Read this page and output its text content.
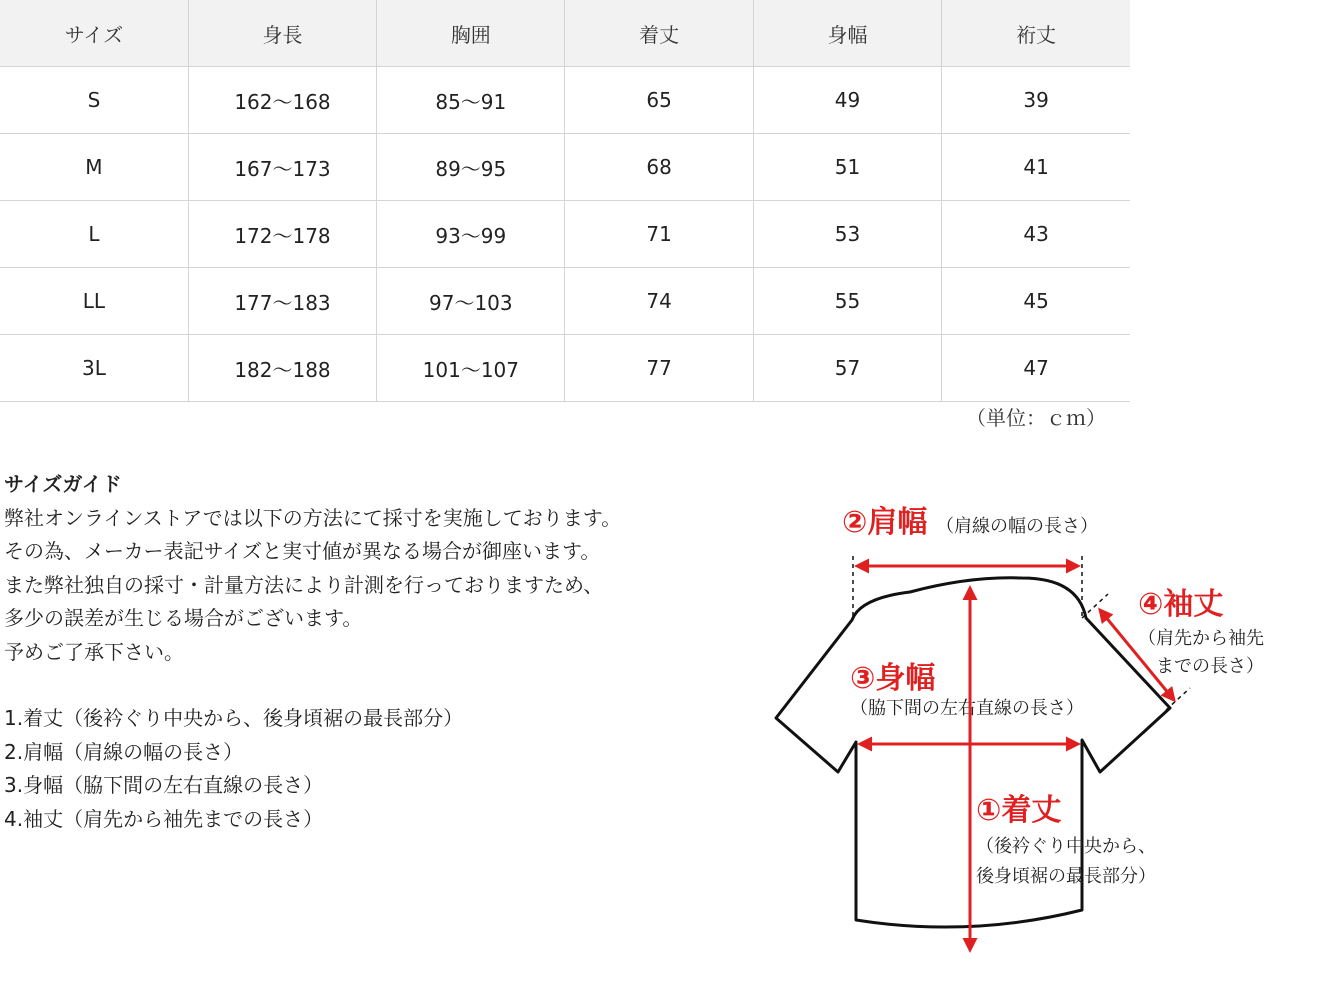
サイズ	身長	胸囲	着丈	身幅	裄丈
S	162～168	85～91	65	49	39
M	167～173	89～95	68	51	41
L	172～178	93～99	71	53	43
LL	177～183	97～103	74	55	45
3L	182～188	101～107	77	57	47
（単位：ｃｍ）
サイズガイド
弊社オンラインストアでは以下の方法にて採寸を実施しております。
その為、メーカー表記サイズと実寸値が異なる場合が御座います。
また弊社独自の採寸・計量方法により計測を行っておりますため、
多少の誤差が生じる場合がございます。
予めご了承下さい。
1.着丈（後衿ぐり中央から、後身頃裾の最長部分）
2.肩幅（肩線の幅の長さ）
3.身幅（脇下間の左右直線の長さ）
4.袖丈（肩先から袖先までの長さ）
②肩幅 （肩線の幅の長さ）
④袖丈
（肩先から袖先
までの長さ）
③身幅
（脇下間の左右直線の長さ）
①着丈
（後衿ぐり中央から、
後身頃裾の最長部分）
